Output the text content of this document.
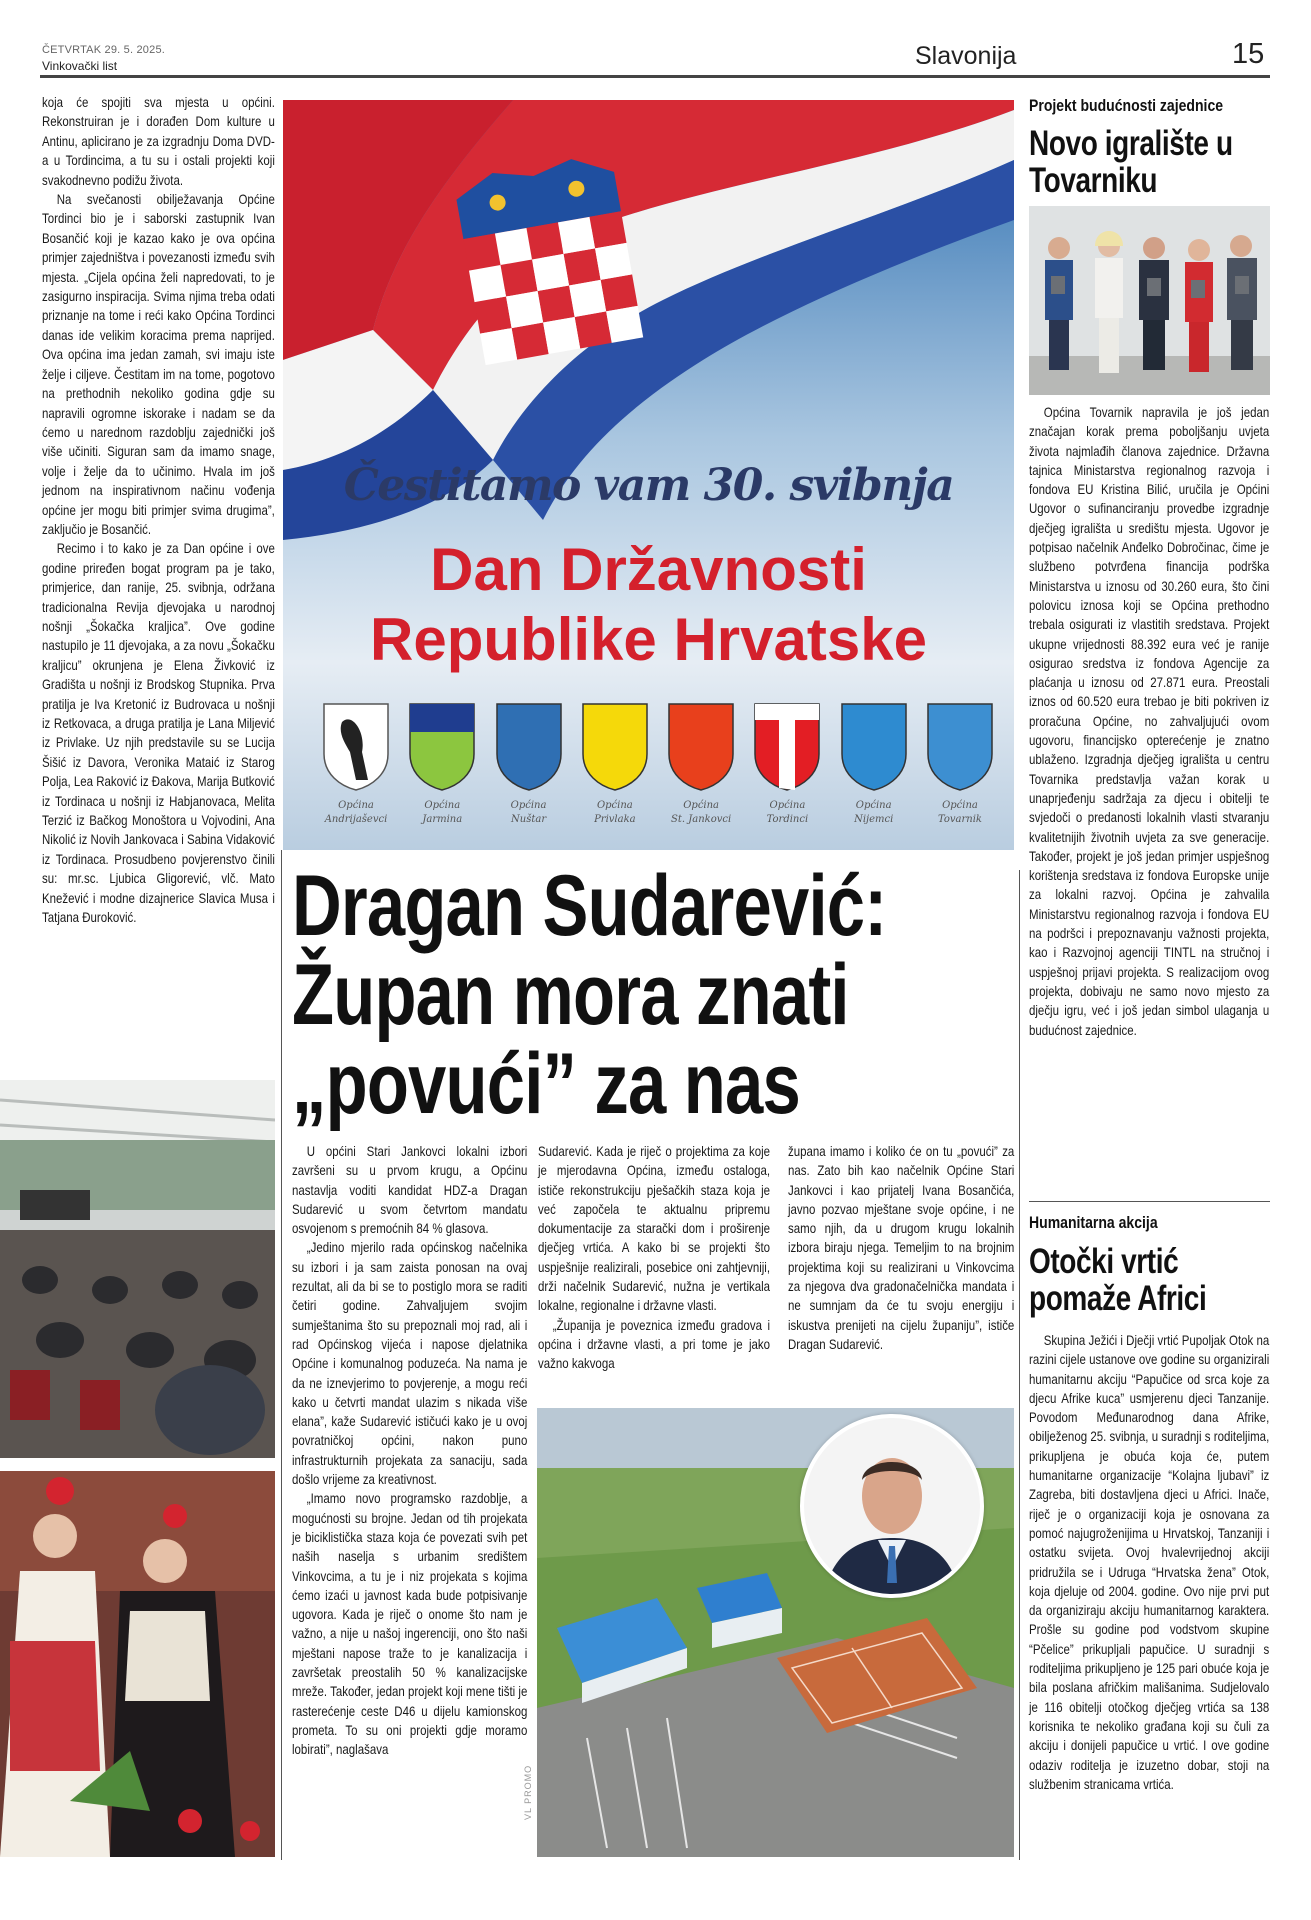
ČETVRTAK 29. 5. 2025.
Vinkovački list	Slavonija	15

koja će spojiti sva mjesta u općini. Rekonstruiran je i dorađen Dom kulture u Antinu, aplicirano je za izgradnju Doma DVD-a u Tordincima, a tu su i ostali projekti koji svakodnevno podižu života.

Na svečanosti obilježavanja Općine Tordinci bio je i saborski zastupnik Ivan Bosančić koji je kazao kako je ova općina primjer zajedništva i povezanosti između svih mjesta. „Cijela općina želi napredovati, to je zasigurno inspiracija. Svima njima treba odati priznanje na tome i reći kako Općina Tordinci danas ide velikim koracima prema naprijed. Ova općina ima jedan zamah, svi imaju iste želje i ciljeve. Čestitam im na tome, pogotovo na prethodnih nekoliko godina gdje su napravili ogromne iskorake i nadam se da ćemo u narednom razdoblju zajednički još više učiniti. Siguran sam da imamo snage, volje i želje da to učinimo. Hvala im još jednom na inspirativnom načinu vođenja općine jer mogu biti primjer svima drugima”, zaključio je Bosančić.

Recimo i to kako je za Dan općine i ove godine priređen bogat program pa je tako, primjerice, dan ranije, 25. svibnja, održana tradicionalna Revija djevojaka u narodnoj nošnji „Šokačka kraljica”. Ove godine nastupilo je 11 djevojaka, a za novu „Šokačku kraljicu” okrunjena je Elena Živković iz Gradišta u nošnji iz Brodskog Stupnika. Prva pratilja je Iva Kretonić iz Budrovaca u nošnji iz Retkovaca, a druga pratilja je Lana Miljević iz Privlake. Uz njih predstavile su se Lucija Šišić iz Davora, Veronika Mataić iz Starog Polja, Lea Raković iz Đakova, Marija Butković iz Tordinaca u nošnji iz Habjanovaca, Melita Terzić iz Bačkog Monoštora u Vojvodini, Ana Nikolić iz Novih Jankovaca i Sabina Vidaković iz Tordinaca. Prosudbeno povjerenstvo činili su: mr.sc. Ljubica Gligorević, vlč. Mato Knežević i modne dizajnerice Slavica Musa i Tatjana Đuroković.

Čestitamo vam 30. svibnja
Dan Državnosti
Republike Hrvatske
Općina
Andrijaševci
Općina
Jarmina
Općina
Nuštar
Općina
Privlaka
Općina
St. Jankovci
Općina
Tordinci
Općina
Nijemci
Općina
Tovarnik
Dragan Sudarević: Župan mora znati „povući” za nas

U općini Stari Jankovci lokalni izbori završeni su u prvom krugu, a Općinu nastavlja voditi kandidat HDZ-a Dragan Sudarević u svom četvrtom mandatu osvojenom s premoćnih 84 % glasova.

„Jedino mjerilo rada općinskog načelnika su izbori i ja sam zaista ponosan na ovaj rezultat, ali da bi se to postiglo mora se raditi četiri godine. Zahvaljujem svojim sumještanima što su prepoznali moj rad, ali i rad Općinskog vijeća i napose djelatnika Općine i komunalnog poduzeća. Na nama je da ne iznevjerimo to povjerenje, a mogu reći kako u četvrti mandat ulazim s nikada više elana”, kaže Sudarević ističući kako je u ovoj povratničkoj općini, nakon puno infrastrukturnih projekata za sanaciju, sada došlo vrijeme za kreativnost.

„Imamo novo programsko razdoblje, a mogućnosti su brojne. Jedan od tih projekata je biciklistička staza koja će povezati svih pet naših naselja s urbanim središtem Vinkovcima, a tu je i niz projekata s kojima ćemo izaći u javnost kada bude potpisivanje ugovora. Kada je riječ o onome što nam je važno, a nije u našoj ingerenciji, ono što naši mještani napose traže to je kanalizacija i završetak preostalih 50 % kanalizacijske mreže. Također, jedan projekt koji mene tišti je rasterećenje ceste D46 u dijelu kamionskog prometa. To su oni projekti gdje moramo lobirati”, naglašava

Sudarević. Kada je riječ o projektima za koje je mjerodavna Općina, između ostaloga, ističe rekonstrukciju pješačkih staza koja je već započela te aktualnu pripremu dokumentacije za starački dom i proširenje dječjeg vrtića. A kako bi se projekti što uspješnije realizirali, posebice oni zahtjevniji, drži načelnik Sudarević, nužna je vertikala lokalne, regionalne i državne vlasti.

„Županija je poveznica između gradova i općina i državne vlasti, a pri tome je jako važno kakvoga

župana imamo i koliko će on tu „povući” za nas. Zato bih kao načelnik Općine Stari Jankovci i kao prijatelj Ivana Bosančića, javno pozvao mještane svoje općine, i ne samo njih, da u drugom krugu lokalnih izbora biraju njega. Temeljim to na brojnim projektima koji su realizirani u Vinkovcima za njegova dva gradonačelnička mandata i ne sumnjam da će tu svoju energiju i iskustva prenijeti na cijelu županiju”, ističe Dragan Sudarević.

VL PROMO
Projekt budućnosti zajednice
Novo igralište u Tovarniku

Općina Tovarnik napravila je još jedan značajan korak prema poboljšanju uvjeta života najmlađih članova zajednice. Državna tajnica Ministarstva regionalnog razvoja i fondova EU Kristina Bilić, uručila je Općini Ugovor o sufinanciranju provedbe izgradnje dječjeg igrališta u središtu mjesta. Ugovor je potpisao načelnik Anđelko Dobročinac, čime je službeno potvrđena financija podrška Ministarstva u iznosu od 30.260 eura, što čini polovicu iznosa koji se Općina prethodno trebala osigurati iz vlastitih sredstava. Projekt ukupne vrijednosti 88.392 eura već je ranije osigurao sredstva iz fondova Agencije za plaćanja u iznosu od 27.871 eura. Preostali iznos od 60.520 eura trebao je biti pokriven iz proračuna Općine, no zahvaljujući ovom ugovoru, financijsko opterećenje je znatno ublaženo. Izgradnja dječjeg igrališta u centru Tovarnika predstavlja važan korak u unaprjeđenju sadržaja za djecu i obitelji te svjedoči o predanosti lokalnih vlasti stvaranju kvalitetnijih životnih uvjeta za sve generacije. Također, projekt je još jedan primjer uspješnog korištenja sredstava iz fondova Europske unije za lokalni razvoj. Općina je zahvalila Ministarstvu regionalnog razvoja i fondova EU na podršci i prepoznavanju važnosti projekta, kao i Razvojnoj agenciji TINTL na stručnoj i uspješnoj prijavi projekta. S realizacijom ovog projekta, dobivaju ne samo novo mjesto za dječju igru, već i još jedan simbol ulaganja u budućnost zajednice.

Humanitarna akcija
Otočki vrtić pomaže Africi

Skupina Ježići i Dječji vrtić Pupoljak Otok na razini cijele ustanove ove godine su organizirali humanitarnu akciju “Papučice od srca koje za djecu Afrike kuca” usmjerenu djeci Tanzanije. Povodom Međunarodnog dana Afrike, obilježenog 25. svibnja, u suradnji s roditeljima, prikupljena je obuća koja će, putem humanitarne organizacije “Kolajna ljubavi” iz Zagreba, biti dostavljena djeci u Africi. Inače, riječ je o organizaciji koja je osnovana za pomoć najugroženijima u Hrvatskoj, Tanzaniji i ostatku svijeta. Ovoj hvalevrijednoj akciji pridružila se i Udruga “Hrvatska žena” Otok, koja djeluje od 2004. godine. Ovo nije prvi put da organiziraju akciju humanitarnog karaktera. Prošle su godine pod vodstvom skupine “Pčelice” prikupljali papučice. U suradnji s roditeljima prikupljeno je 125 pari obuće koja je bila poslana afričkim mališanima. Sudjelovalo je 116 obitelji otočkog dječjeg vrtića sa 138 korisnika te nekoliko građana koji su čuli za akciju i donijeli papučice u vrtić. I ove godine odaziv roditelja je izuzetno dobar, stoji na službenim stranicama vrtića.
